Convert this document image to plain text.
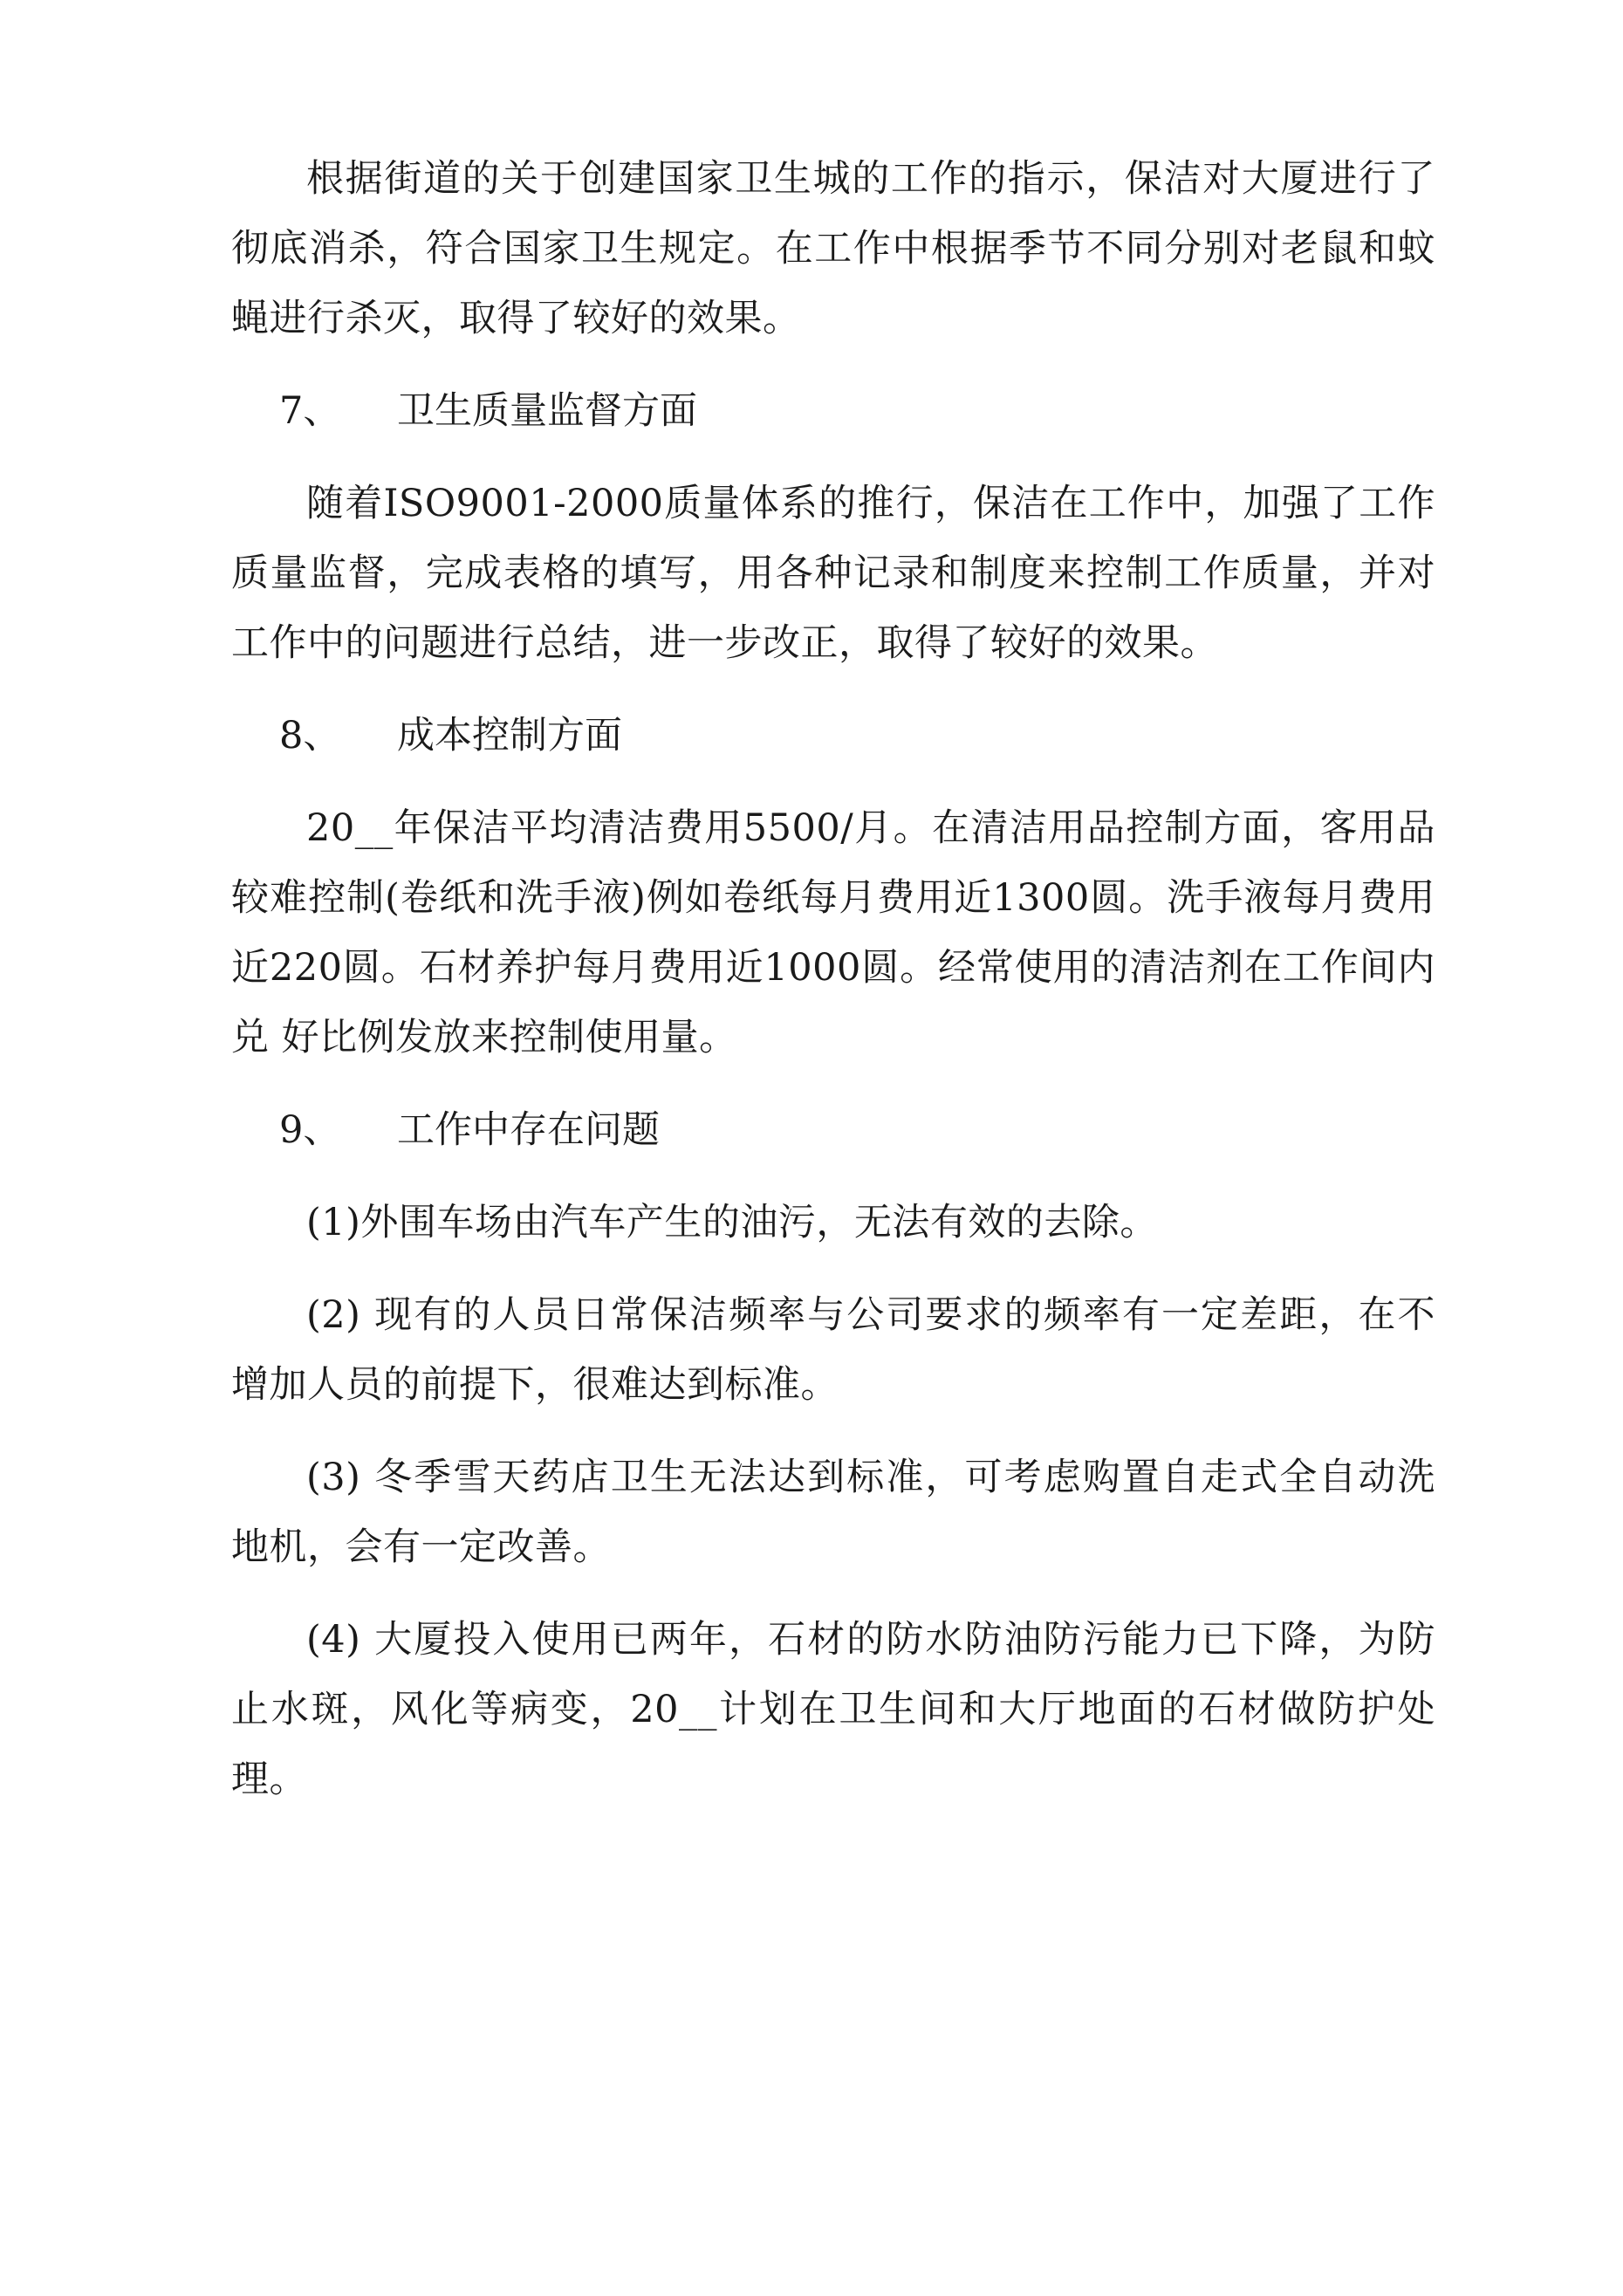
根据街道的关于创建国家卫生城的工作的指示，保洁对大厦进行了彻底消杀，符合国家卫生规定。在工作中根据季节不同分别对老鼠和蚊蝇进行杀灭，取得了较好的效果。

7、	卫生质量监督方面

随着ISO9001-2000质量体系的推行，保洁在工作中，加强了工作质量监督，完成表格的填写，用各种记录和制度来控制工作质量，并对工作中的问题进行总结，进一步改正，取得了较好的效果。

8、	成本控制方面

20__年保洁平均清洁费用5500/月。在清洁用品控制方面，客用品较难控制(卷纸和洗手液)例如卷纸每月费用近1300圆。洗手液每月费用近220圆。石材养护每月费用近1000圆。经常使用的清洁剂在工作间内兑 好比例发放来控制使用量。

9、	工作中存在问题

(1)外围车场由汽车产生的油污，无法有效的去除。

(2) 现有的人员日常保洁频率与公司要求的频率有一定差距，在不增加人员的前提下，很难达到标准。

(3) 冬季雪天药店卫生无法达到标准，可考虑购置自走式全自动洗地机，会有一定改善。

(4) 大厦投入使用已两年，石材的防水防油防污能力已下降，为防止水斑，风化等病变，20__计划在卫生间和大厅地面的石材做防护处理。
